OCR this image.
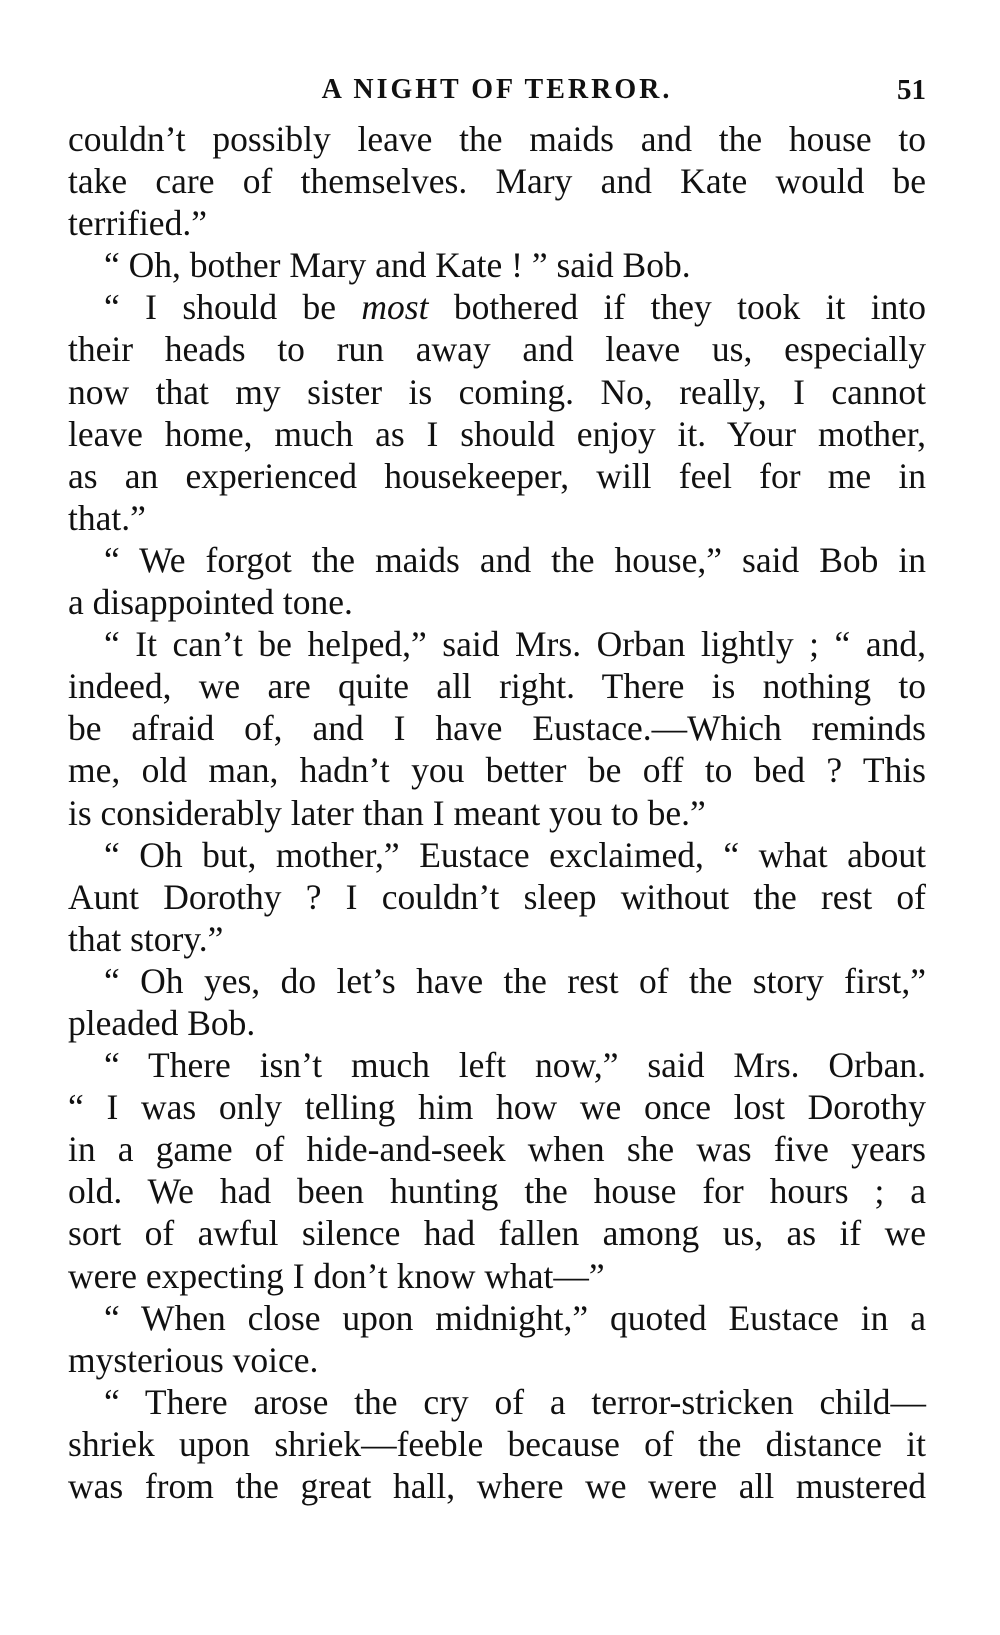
A NIGHT OF TERROR.	51
couldn’t possibly leave the maids and the house to
take care of themselves. Mary and Kate would be
terrified.”
“ Oh, bother Mary and Kate ! ” said Bob.
“ I should be most bothered if they took it into
their heads to run away and leave us, especially
now that my sister is coming. No, really, I cannot
leave home, much as I should enjoy it. Your mother,
as an experienced housekeeper, will feel for me in
that.”
“ We forgot the maids and the house,” said Bob in
a disappointed tone.
“ It can’t be helped,” said Mrs. Orban lightly ; “ and,
indeed, we are quite all right. There is nothing to
be afraid of, and I have Eustace.—Which reminds
me, old man, hadn’t you better be off to bed ? This
is considerably later than I meant you to be.”
“ Oh but, mother,” Eustace exclaimed, “ what about
Aunt Dorothy ? I couldn’t sleep without the rest of
that story.”
“ Oh yes, do let’s have the rest of the story first,”
pleaded Bob.
“ There isn’t much left now,” said Mrs. Orban.
“ I was only telling him how we once lost Dorothy
in a game of hide-and-seek when she was five years
old. We had been hunting the house for hours ; a
sort of awful silence had fallen among us, as if we
were expecting I don’t know what—”
“ When close upon midnight,” quoted Eustace in a
mysterious voice.
“ There arose the cry of a terror-stricken child—
shriek upon shriek—feeble because of the distance it
was from the great hall, where we were all mustered
